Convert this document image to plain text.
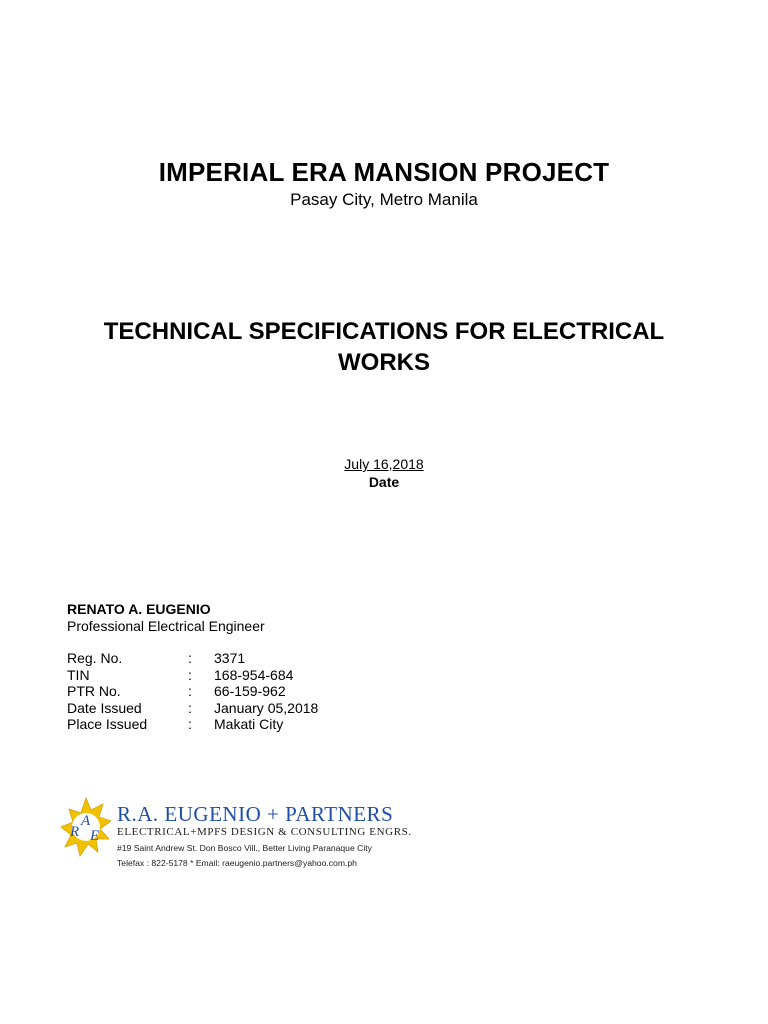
IMPERIAL ERA MANSION PROJECT
Pasay City, Metro Manila
TECHNICAL SPECIFICATIONS FOR ELECTRICAL
WORKS
July 16,2018
Date
RENATO A. EUGENIO
Professional Electrical Engineer
Reg. No.	: 3371
TIN	: 168-954-684
PTR No.	: 66-159-962
Date Issued	: January 05,2018
Place Issued	: Makati City
R
A
E
R.A. EUGENIO + PARTNERS
ELECTRICAL+MPFS DESIGN & CONSULTING ENGRS.
#19 Saint Andrew St. Don Bosco Vill., Better Living Paranaque City
Telefax : 822-5178 * Email: raeugenio.partners@yahoo.com.ph
